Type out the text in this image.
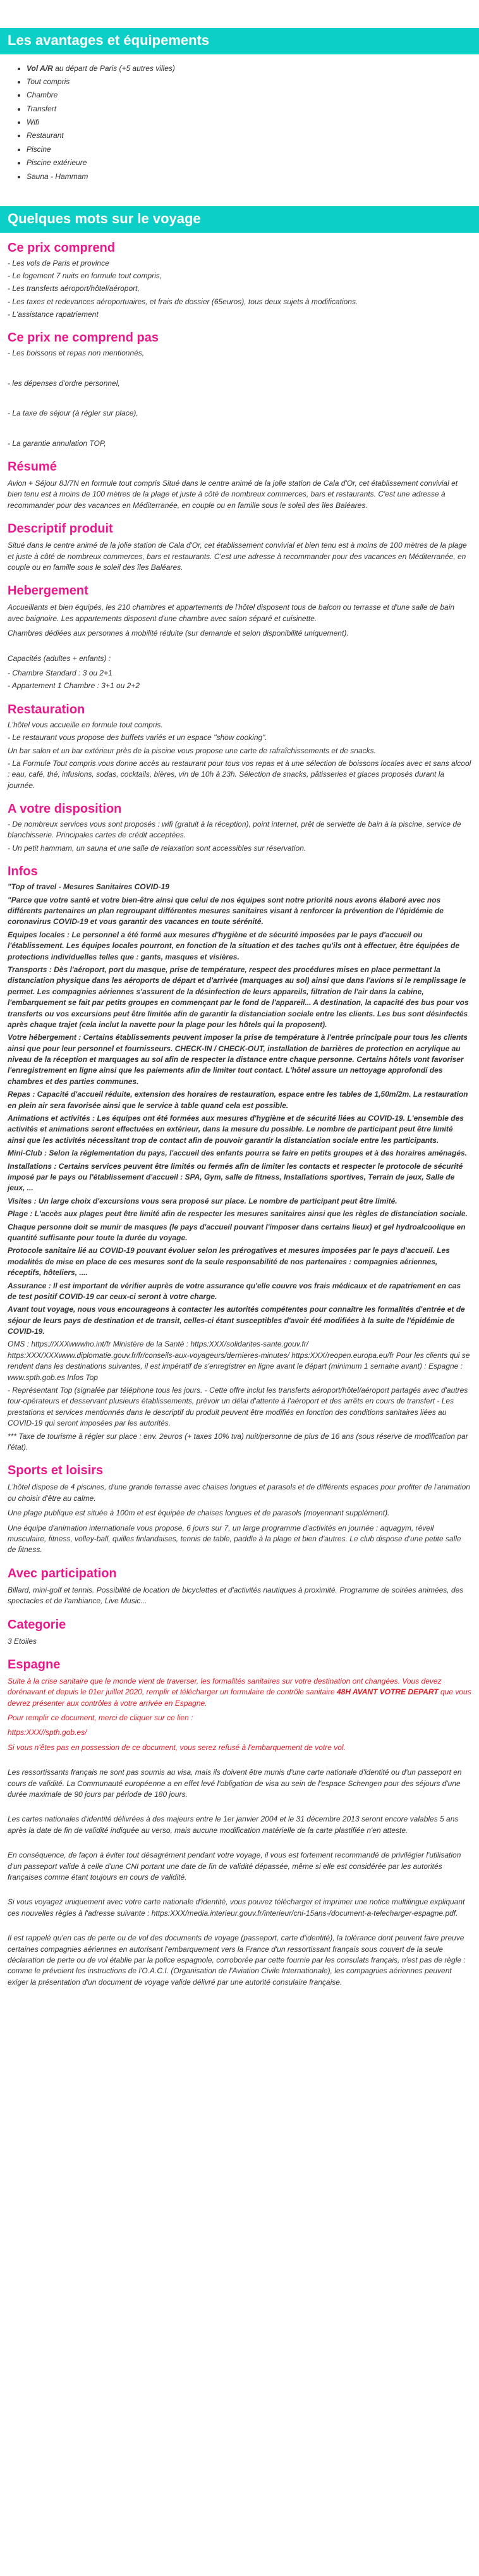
Les avantages et équipements
• Vol A/R au départ de Paris (+5 autres villes)
• Tout compris
• Chambre
• Transfert
• Wifi
• Restaurant
• Piscine
• Piscine extérieure
• Sauna - Hammam
Quelques mots sur le voyage
Ce prix comprend
- Les vols de Paris et province
- Le logement 7 nuits en formule tout compris,
- Les transferts aéroport/hôtel/aéroport,
- Les taxes et redevances aéroportuaires, et frais de dossier (65euros), tous deux sujets à modifications.
- L'assistance rapatriement
Ce prix ne comprend pas
- Les boissons et repas non mentionnés,
- les dépenses d'ordre personnel,
- La taxe de séjour (à régler sur place),
- La garantie annulation TOP,
Résumé

Avion + Séjour 8J/7N en formule tout compris Situé dans le centre animé de la jolie station de Cala d'Or, cet établissement convivial et bien tenu est à moins de 100 mètres de la plage et juste à côté de nombreux commerces, bars et restaurants. C'est une adresse à recommander pour des vacances en Méditerranée, en couple ou en famille sous le soleil des îles Baléares.

Descriptif produit

Situé dans le centre animé de la jolie station de Cala d'Or, cet établissement convivial et bien tenu est à moins de 100 mètres de la plage et juste à côté de nombreux commerces, bars et restaurants. C'est une adresse à recommander pour des vacances en Méditerranée, en couple ou en famille sous le soleil des îles Baléares.

Hebergement

Accueillants et bien équipés, les 210 chambres et appartements de l'hôtel disposent tous de balcon ou terrasse et d'une salle de bain avec baignoire. Les appartements disposent d'une chambre avec salon séparé et cuisinette.

Chambres dédiées aux personnes à mobilité réduite (sur demande et selon disponibilité uniquement).

Capacités (adultes + enfants) :

- Chambre Standard : 3 ou 2+1
- Appartement 1 Chambre : 3+1 ou 2+2
Restauration
L'hôtel vous accueille en formule tout compris.
- Le restaurant vous propose des buffets variés et un espace "show cooking".
Un bar salon et un bar extérieur près de la piscine vous propose une carte de rafraîchissements et de snacks.
- La Formule Tout compris vous donne accès au restaurant pour tous vos repas et à une sélection de boissons locales avec et sans alcool : eau, café, thé, infusions, sodas, cocktails, bières, vin de 10h à 23h. Sélection de snacks, pâtisseries et glaces proposés durant la journée.
A votre disposition
- De nombreux services vous sont proposés : wifi (gratuit à la réception), point internet, prêt de serviette de bain à la piscine, service de blanchisserie. Principales cartes de crédit acceptées.
- Un petit hammam, un sauna et une salle de relaxation sont accessibles sur réservation.
Infos

"Top of travel - Mesures Sanitaires COVID-19

"Parce que votre santé et votre bien-être ainsi que celui de nos équipes sont notre priorité nous avons élaboré avec nos différents partenaires un plan regroupant différentes mesures sanitaires visant à renforcer la prévention de l'épidémie de coronavirus COVID-19 et vous garantir des vacances en toute sérénité.

Equipes locales : Le personnel a été formé aux mesures d'hygiène et de sécurité imposées par le pays d'accueil ou l'établissement. Les équipes locales pourront, en fonction de la situation et des taches qu'ils ont à effectuer, être équipées de protections individuelles telles que : gants, masques et visières.

Transports : Dès l'aéroport, port du masque, prise de température, respect des procédures mises en place permettant la distanciation physique dans les aéroports de départ et d'arrivée (marquages au sol) ainsi que dans l'avions si le remplissage le permet. Les compagnies aériennes s'assurent de la désinfection de leurs appareils, filtration de l'air dans la cabine, l'embarquement se fait par petits groupes en commençant par le fond de l'appareil... A destination, la capacité des bus pour vos transferts ou vos excursions peut être limitée afin de garantir la distanciation sociale entre les clients. Les bus sont désinfectés après chaque trajet (cela inclut la navette pour la plage pour les hôtels qui la proposent).

Votre hébergement : Certains établissements peuvent imposer la prise de température à l'entrée principale pour tous les clients ainsi que pour leur personnel et fournisseurs. CHECK-IN / CHECK-OUT, installation de barrières de protection en acrylique au niveau de la réception et marquages au sol afin de respecter la distance entre chaque personne. Certains hôtels vont favoriser l'enregistrement en ligne ainsi que les paiements afin de limiter tout contact. L'hôtel assure un nettoyage approfondi des chambres et des parties communes.

Repas : Capacité d'accueil réduite, extension des horaires de restauration, espace entre les tables de 1,50m/2m. La restauration en plein air sera favorisée ainsi que le service à table quand cela est possible.

Animations et activités : Les équipes ont été formées aux mesures d'hygiène et de sécurité liées au COVID-19. L'ensemble des activités et animations seront effectuées en extérieur, dans la mesure du possible. Le nombre de participant peut être limité ainsi que les activités nécessitant trop de contact afin de pouvoir garantir la distanciation sociale entre les participants.

Mini-Club : Selon la réglementation du pays, l'accueil des enfants pourra se faire en petits groupes et à des horaires aménagés.

Installations : Certains services peuvent être limités ou fermés afin de limiter les contacts et respecter le protocole de sécurité imposé par le pays ou l'établissement d'accueil : SPA, Gym, salle de fitness, Installations sportives, Terrain de jeux, Salle de jeux, ...

Visites : Un large choix d'excursions vous sera proposé sur place. Le nombre de participant peut être limité.

Plage : L'accès aux plages peut être limité afin de respecter les mesures sanitaires ainsi que les règles de distanciation sociale.

Chaque personne doit se munir de masques (le pays d'accueil pouvant l'imposer dans certains lieux) et gel hydroalcoolique en quantité suffisante pour toute la durée du voyage.

Protocole sanitaire lié au COVID-19 pouvant évoluer selon les prérogatives et mesures imposées par le pays d'accueil. Les modalités de mise en place de ces mesures sont de la seule responsabilité de nos partenaires : compagnies aériennes, réceptifs, hôteliers, ....

Assurance : Il est important de vérifier auprès de votre assurance qu'elle couvre vos frais médicaux et de rapatriement en cas de test positif COVID-19 car ceux-ci seront à votre charge.

Avant tout voyage, nous vous encourageons à contacter les autorités compétentes pour connaître les formalités d'entrée et de séjour de leurs pays de destination et de transit, celles-ci étant susceptibles d'avoir été modifiées à la suite de l'épidémie de COVID-19.

OMS : https://XXXwwwho.int/fr Ministère de la Santé : https:XXX/solidarites-sante.gouv.fr/ https:XXX/XXXwww.diplomatie.gouv.fr/fr/conseils-aux-voyageurs/dernieres-minutes/ https:XXX/reopen.europa.eu/fr Pour les clients qui se rendent dans les destinations suivantes, il est impératif de s'enregistrer en ligne avant le départ (minimum 1 semaine avant) : Espagne : www.spth.gob.es Infos Top

- Représentant Top (signalée par téléphone tous les jours. - Cette offre inclut les transferts aéroport/hôtel/aéroport partagés avec d'autres tour-opérateurs et desservant plusieurs établissements, prévoir un délai d'attente à l'aéroport et des arrêts en cours de transfert - Les prestations et services mentionnés dans le descriptif du produit peuvent être modifiés en fonction des conditions sanitaires liées au COVID-19 qui seront imposées par les autorités.

*** Taxe de tourisme à régler sur place : env. 2euros (+ taxes 10% tva) nuit/personne de plus de 16 ans (sous réserve de modification par l'état).

Sports et loisirs

L'hôtel dispose de 4 piscines, d'une grande terrasse avec chaises longues et parasols et de différents espaces pour profiter de l'animation ou choisir d'être au calme.

Une plage publique est située à 100m et est équipée de chaises longues et de parasols (moyennant supplément).

Une équipe d'animation internationale vous propose, 6 jours sur 7, un large programme d'activités en journée : aquagym, réveil musculaire, fitness, volley-ball, quilles finlandaises, tennis de table, paddle à la plage et bien d'autres. Le club dispose d'une petite salle de fitness.

Avec participation

Billard, mini-golf et tennis. Possibilité de location de bicyclettes et d'activités nautiques à proximité. Programme de soirées animées, des spectacles et de l'ambiance, Live Music...

Categorie

3 Etoiles

Espagne

Suite à la crise sanitaire que le monde vient de traverser, les formalités sanitaires sur votre destination ont changées. Vous devez dorénavant et depuis le 01er juillet 2020, remplir et télécharger un formulaire de contrôle sanitaire 48H AVANT VOTRE DEPART que vous devrez présenter aux contrôles à votre arrivée en Espagne.

Pour remplir ce document, merci de cliquer sur ce lien :

https:XXX//spth.gob.es/

Si vous n'êtes pas en possession de ce document, vous serez refusé à l'embarquement de votre vol.

Les ressortissants français ne sont pas soumis au visa, mais ils doivent être munis d'une carte nationale d'identité ou d'un passeport en cours de validité. La Communauté européenne a en effet levé l'obligation de visa au sein de l'espace Schengen pour des séjours d'une durée maximale de 90 jours par période de 180 jours.

Les cartes nationales d'identité délivrées à des majeurs entre le 1er janvier 2004 et le 31 décembre 2013 seront encore valables 5 ans après la date de fin de validité indiquée au verso, mais aucune modification matérielle de la carte plastifiée n'en atteste.

En conséquence, de façon à éviter tout désagrément pendant votre voyage, il vous est fortement recommandé de privilégier l'utilisation d'un passeport valide à celle d'une CNI portant une date de fin de validité dépassée, même si elle est considérée par les autorités françaises comme étant toujours en cours de validité.

Si vous voyagez uniquement avec votre carte nationale d'identité, vous pouvez télécharger et imprimer une notice multilingue expliquant ces nouvelles règles à l'adresse suivante : https:XXX/media.interieur.gouv.fr/interieur/cni-15ans-/document-a-telecharger-espagne.pdf.

Il est rappelé qu'en cas de perte ou de vol des documents de voyage (passeport, carte d'identité), la tolérance dont peuvent faire preuve certaines compagnies aériennes en autorisant l'embarquement vers la France d'un ressortissant français sous couvert de la seule déclaration de perte ou de vol établie par la police espagnole, corroborée par cette fournie par les consulats français, n'est pas de règle : comme le prévoient les instructions de l'O.A.C.I. (Organisation de l'Aviation Civile Internationale), les compagnies aériennes peuvent exiger la présentation d'un document de voyage valide délivré par une autorité consulaire française.
